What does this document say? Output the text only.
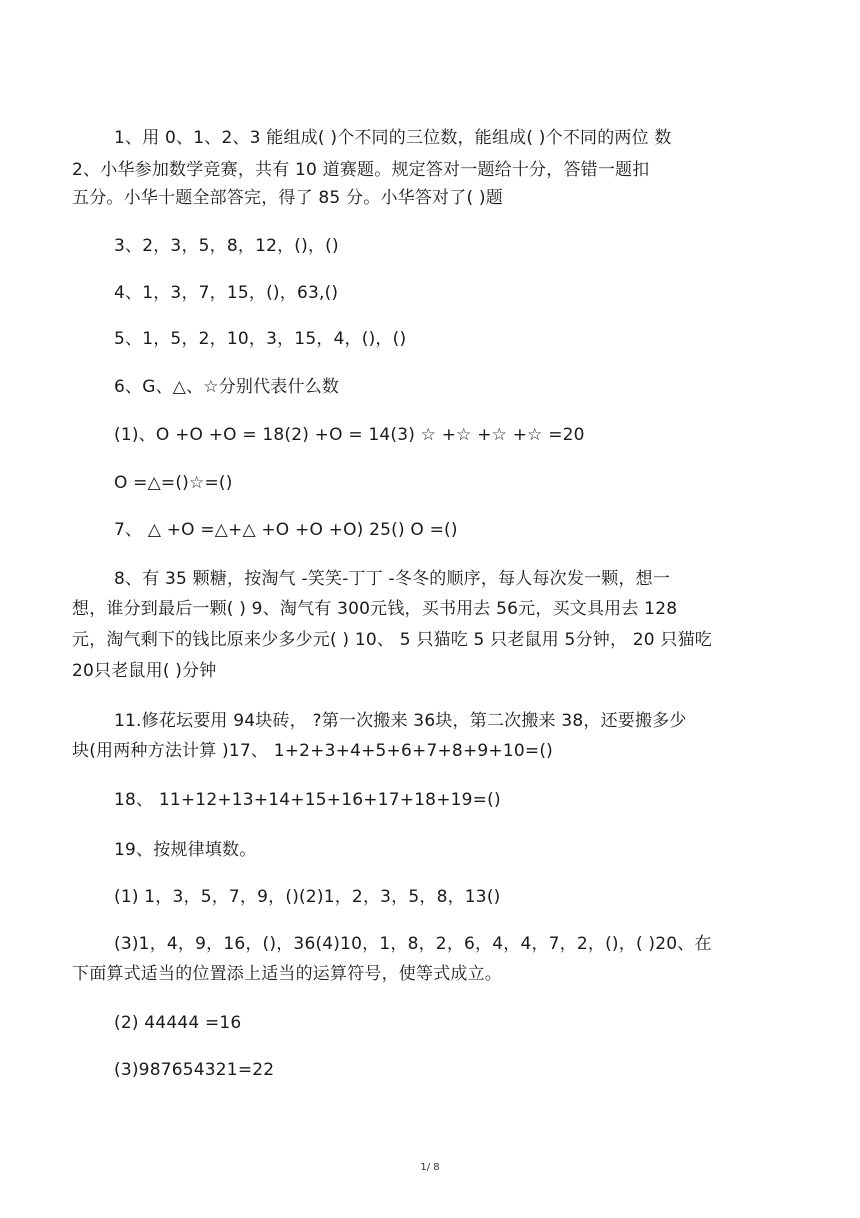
1、用 0、1、2、3 能组成( )个不同的三位数，能组成( )个不同的两位 数
2、小华参加数学竞赛，共有 10 道赛题。规定答对一题给十分，答错一题扣
五分。小华十题全部答完，得了 85 分。小华答对了( )题
3、2，3，5，8，12，()，()
4、1，3，7，15，()，63,()
5、1，5，2，10，3，15，4，()，()
6、G、△、☆分别代表什么数
(1)、O +O +O = 18(2) +O = 14(3) ☆ +☆ +☆ +☆ =20
O =△=()☆=()
7、 △ +O =△+△ +O +O +O) 25() O =()
8、有 35 颗糖，按淘气 -笑笑-丁丁 -冬冬的顺序，每人每次发一颗，想一
想，谁分到最后一颗( ) 9、淘气有 300元钱，买书用去 56元，买文具用去 128
元，淘气剩下的钱比原来少多少元( ) 10、 5 只猫吃 5 只老鼠用 5分钟， 20 只猫吃
20只老鼠用( )分钟
11.修花坛要用 94块砖， ?第一次搬来 36块，第二次搬来 38，还要搬多少
块(用两种方法计算 )17、 1+2+3+4+5+6+7+8+9+10=()
18、 11+12+13+14+15+16+17+18+19=()
19、按规律填数。
(1) 1，3，5，7，9，()(2)1，2，3，5，8，13()
(3)1，4，9，16，()，36(4)10，1，8，2，6，4，4，7，2，()，( )20、在
下面算式适当的位置添上适当的运算符号，使等式成立。
(2) 44444 =16
(3)987654321=22
1/ 8
